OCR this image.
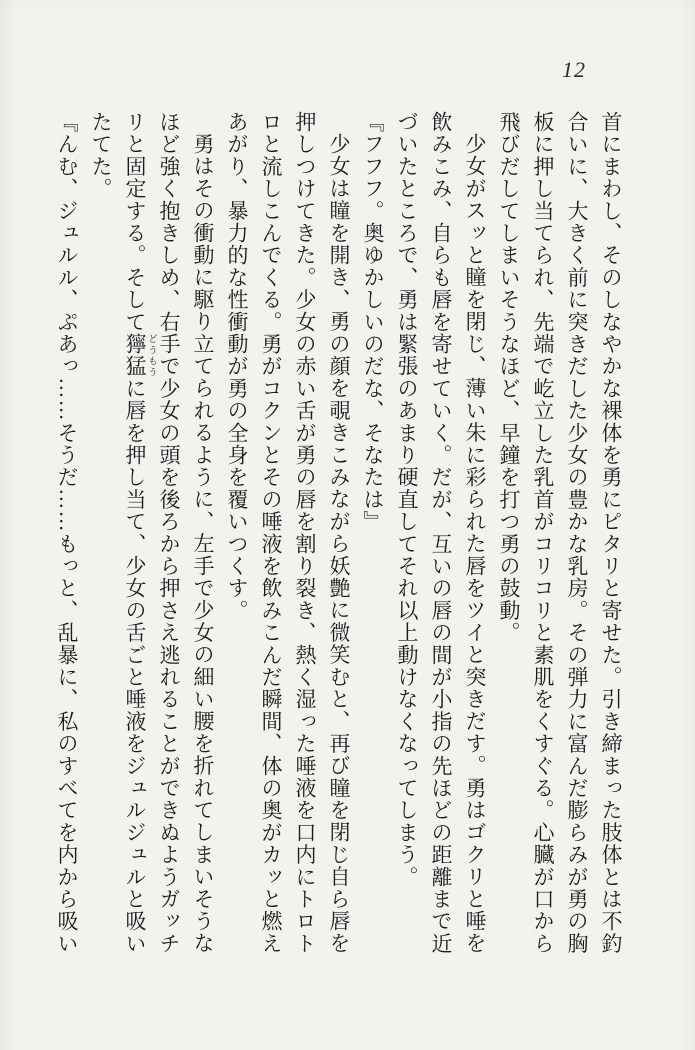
12

首にまわし、そのしなやかな裸体を勇にピタリと寄せた。引き締まった肢体とは不釣合いに、大きく前に突きだした少女の豊かな乳房。その弾力に富んだ膨らみが勇の胸板に押し当てられ、先端で屹立した乳首がコリコリと素肌をくすぐる。心臓が口から飛びだしてしまいそうなほど、早鐘を打つ勇の鼓動。

少女がスッと瞳を閉じ、薄い朱に彩られた唇をツイと突きだす。勇はゴクリと唾を飲みこみ、自らも唇を寄せていく。だが、互いの唇の間が小指の先ほどの距離まで近づいたところで、勇は緊張のあまり硬直してそれ以上動けなくなってしまう。

『フフフ。奥ゆかしいのだな、そなたは』

少女は瞳を開き、勇の顔を覗きこみながら妖艶に微笑むと、再び瞳を閉じ自ら唇を押しつけてきた。少女の赤い舌が勇の唇を割り裂き、熱く湿った唾液を口内にトロトロと流しこんでくる。勇がコクンとその唾液を飲みこんだ瞬間、体の奥がカッと燃えあがり、暴力的な性衝動が勇の全身を覆いつくす。

勇はその衝動に駆り立てられるように、左手で少女の細い腰を折れてしまいそうなほど強く抱きしめ、右手で少女の頭を後ろから押さえ逃れることができぬようガッチリと固定する。そして獰猛 どうもうに唇を押し当て、少女の舌ごと唾液をジュルジュルと吸いたてた。

『んむ、ジュルル、ぷあっ……そうだ……もっと、乱暴に、私のすべてを内から吸い
